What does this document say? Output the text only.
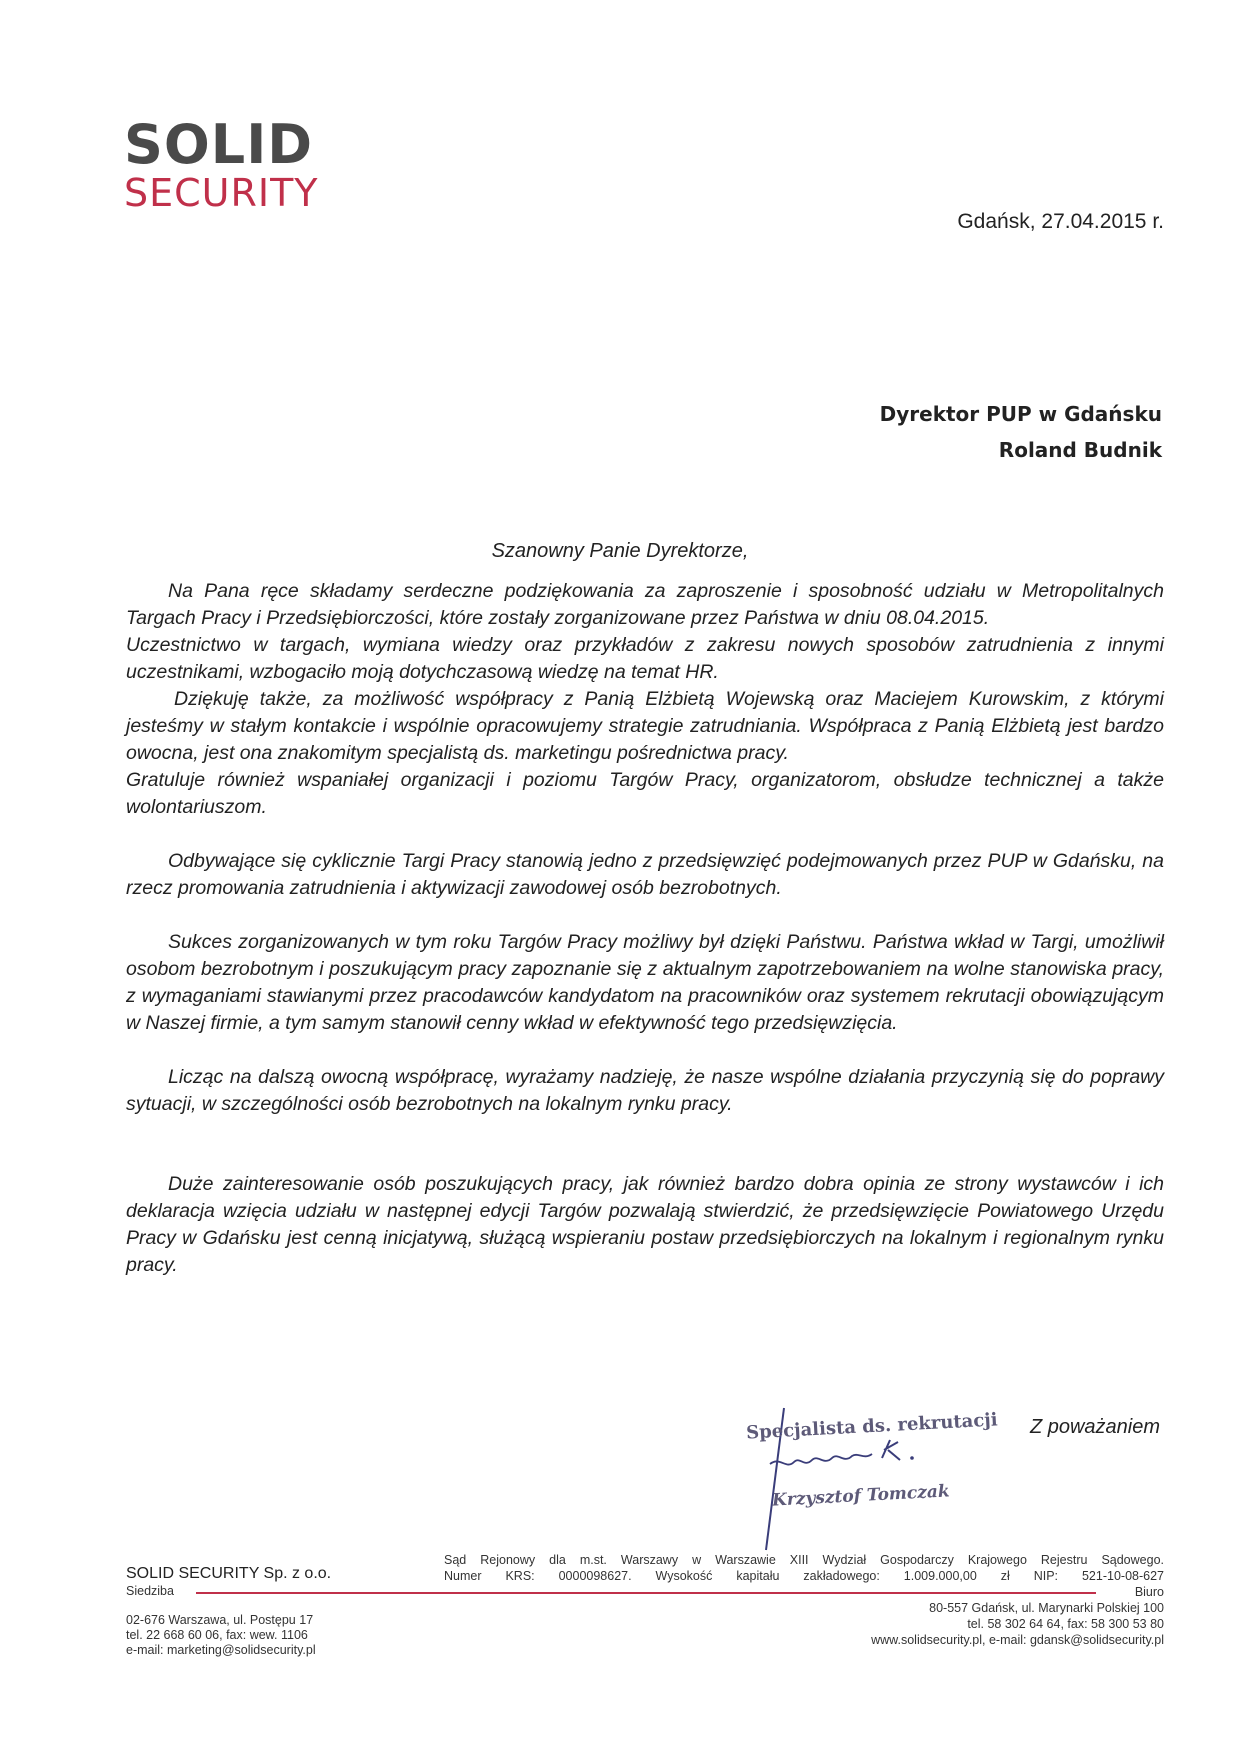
SOLID
SECURITY
Gdańsk, 27.04.2015 r.
Dyrektor PUP w Gdańsku
Roland Budnik
Szanowny Panie Dyrektorze,

Na Pana ręce składamy serdeczne podziękowania za zaproszenie i sposobność udziału w Metropolitalnych Targach Pracy i Przedsiębiorczości, które zostały zorganizowane przez Państwa w dniu 08.04.2015.

Uczestnictwo w targach, wymiana wiedzy oraz przykładów z zakresu nowych sposobów zatrudnienia z innymi uczestnikami, wzbogaciło moją dotychczasową wiedzę na temat HR.

Dziękuję także, za możliwość współpracy z Panią Elżbietą Wojewską oraz Maciejem Kurowskim, z którymi jesteśmy w stałym kontakcie i wspólnie opracowujemy strategie zatrudniania. Współpraca z Panią Elżbietą jest bardzo owocna, jest ona znakomitym specjalistą ds. marketingu pośrednictwa pracy.

Gratuluje również wspaniałej organizacji i poziomu Targów Pracy, organizatorom, obsłudze technicznej a także wolontariuszom.

Odbywające się cyklicznie Targi Pracy stanowią jedno z przedsięwzięć podejmowanych przez PUP w Gdańsku, na rzecz promowania zatrudnienia i aktywizacji zawodowej osób bezrobotnych.

Sukces zorganizowanych w tym roku Targów Pracy możliwy był dzięki Państwu. Państwa wkład w Targi, umożliwił osobom bezrobotnym i poszukującym pracy zapoznanie się z aktualnym zapotrzebowaniem na wolne stanowiska pracy, z wymaganiami stawianymi przez pracodawców kandydatom na pracowników oraz systemem rekrutacji obowiązującym w Naszej firmie, a tym samym stanowił cenny wkład w efektywność tego przedsięwzięcia.

Licząc na dalszą owocną współpracę, wyrażamy nadzieję, że nasze wspólne działania przyczynią się do poprawy sytuacji, w szczególności osób bezrobotnych na lokalnym rynku pracy.

Duże zainteresowanie osób poszukujących pracy, jak również bardzo dobra opinia ze strony wystawców i ich deklaracja wzięcia udziału w następnej edycji Targów pozwalają stwierdzić, że przedsięwzięcie Powiatowego Urzędu Pracy w Gdańsku jest cenną inicjatywą, służącą wspieraniu postaw przedsiębiorczych na lokalnym i regionalnym rynku pracy.

Z poważaniem
Specjalista ds. rekrutacji
Krzysztof Tomczak
SOLID SECURITY Sp. z o.o.
Siedziba
02-676 Warszawa, ul. Postępu 17
tel. 22 668 60 06, fax: wew. 1106
e-mail: marketing@solidsecurity.pl
Sąd Rejonowy dla m.st. Warszawy w Warszawie XIII Wydział Gospodarczy Krajowego Rejestru Sądowego.
Numer KRS: 0000098627. Wysokość kapitału zakładowego: 1.009.000,00 zł NIP: 521-10-08-627
Biuro
80-557 Gdańsk, ul. Marynarki Polskiej 100
tel. 58 302 64 64, fax: 58 300 53 80
www.solidsecurity.pl, e-mail: gdansk@solidsecurity.pl
